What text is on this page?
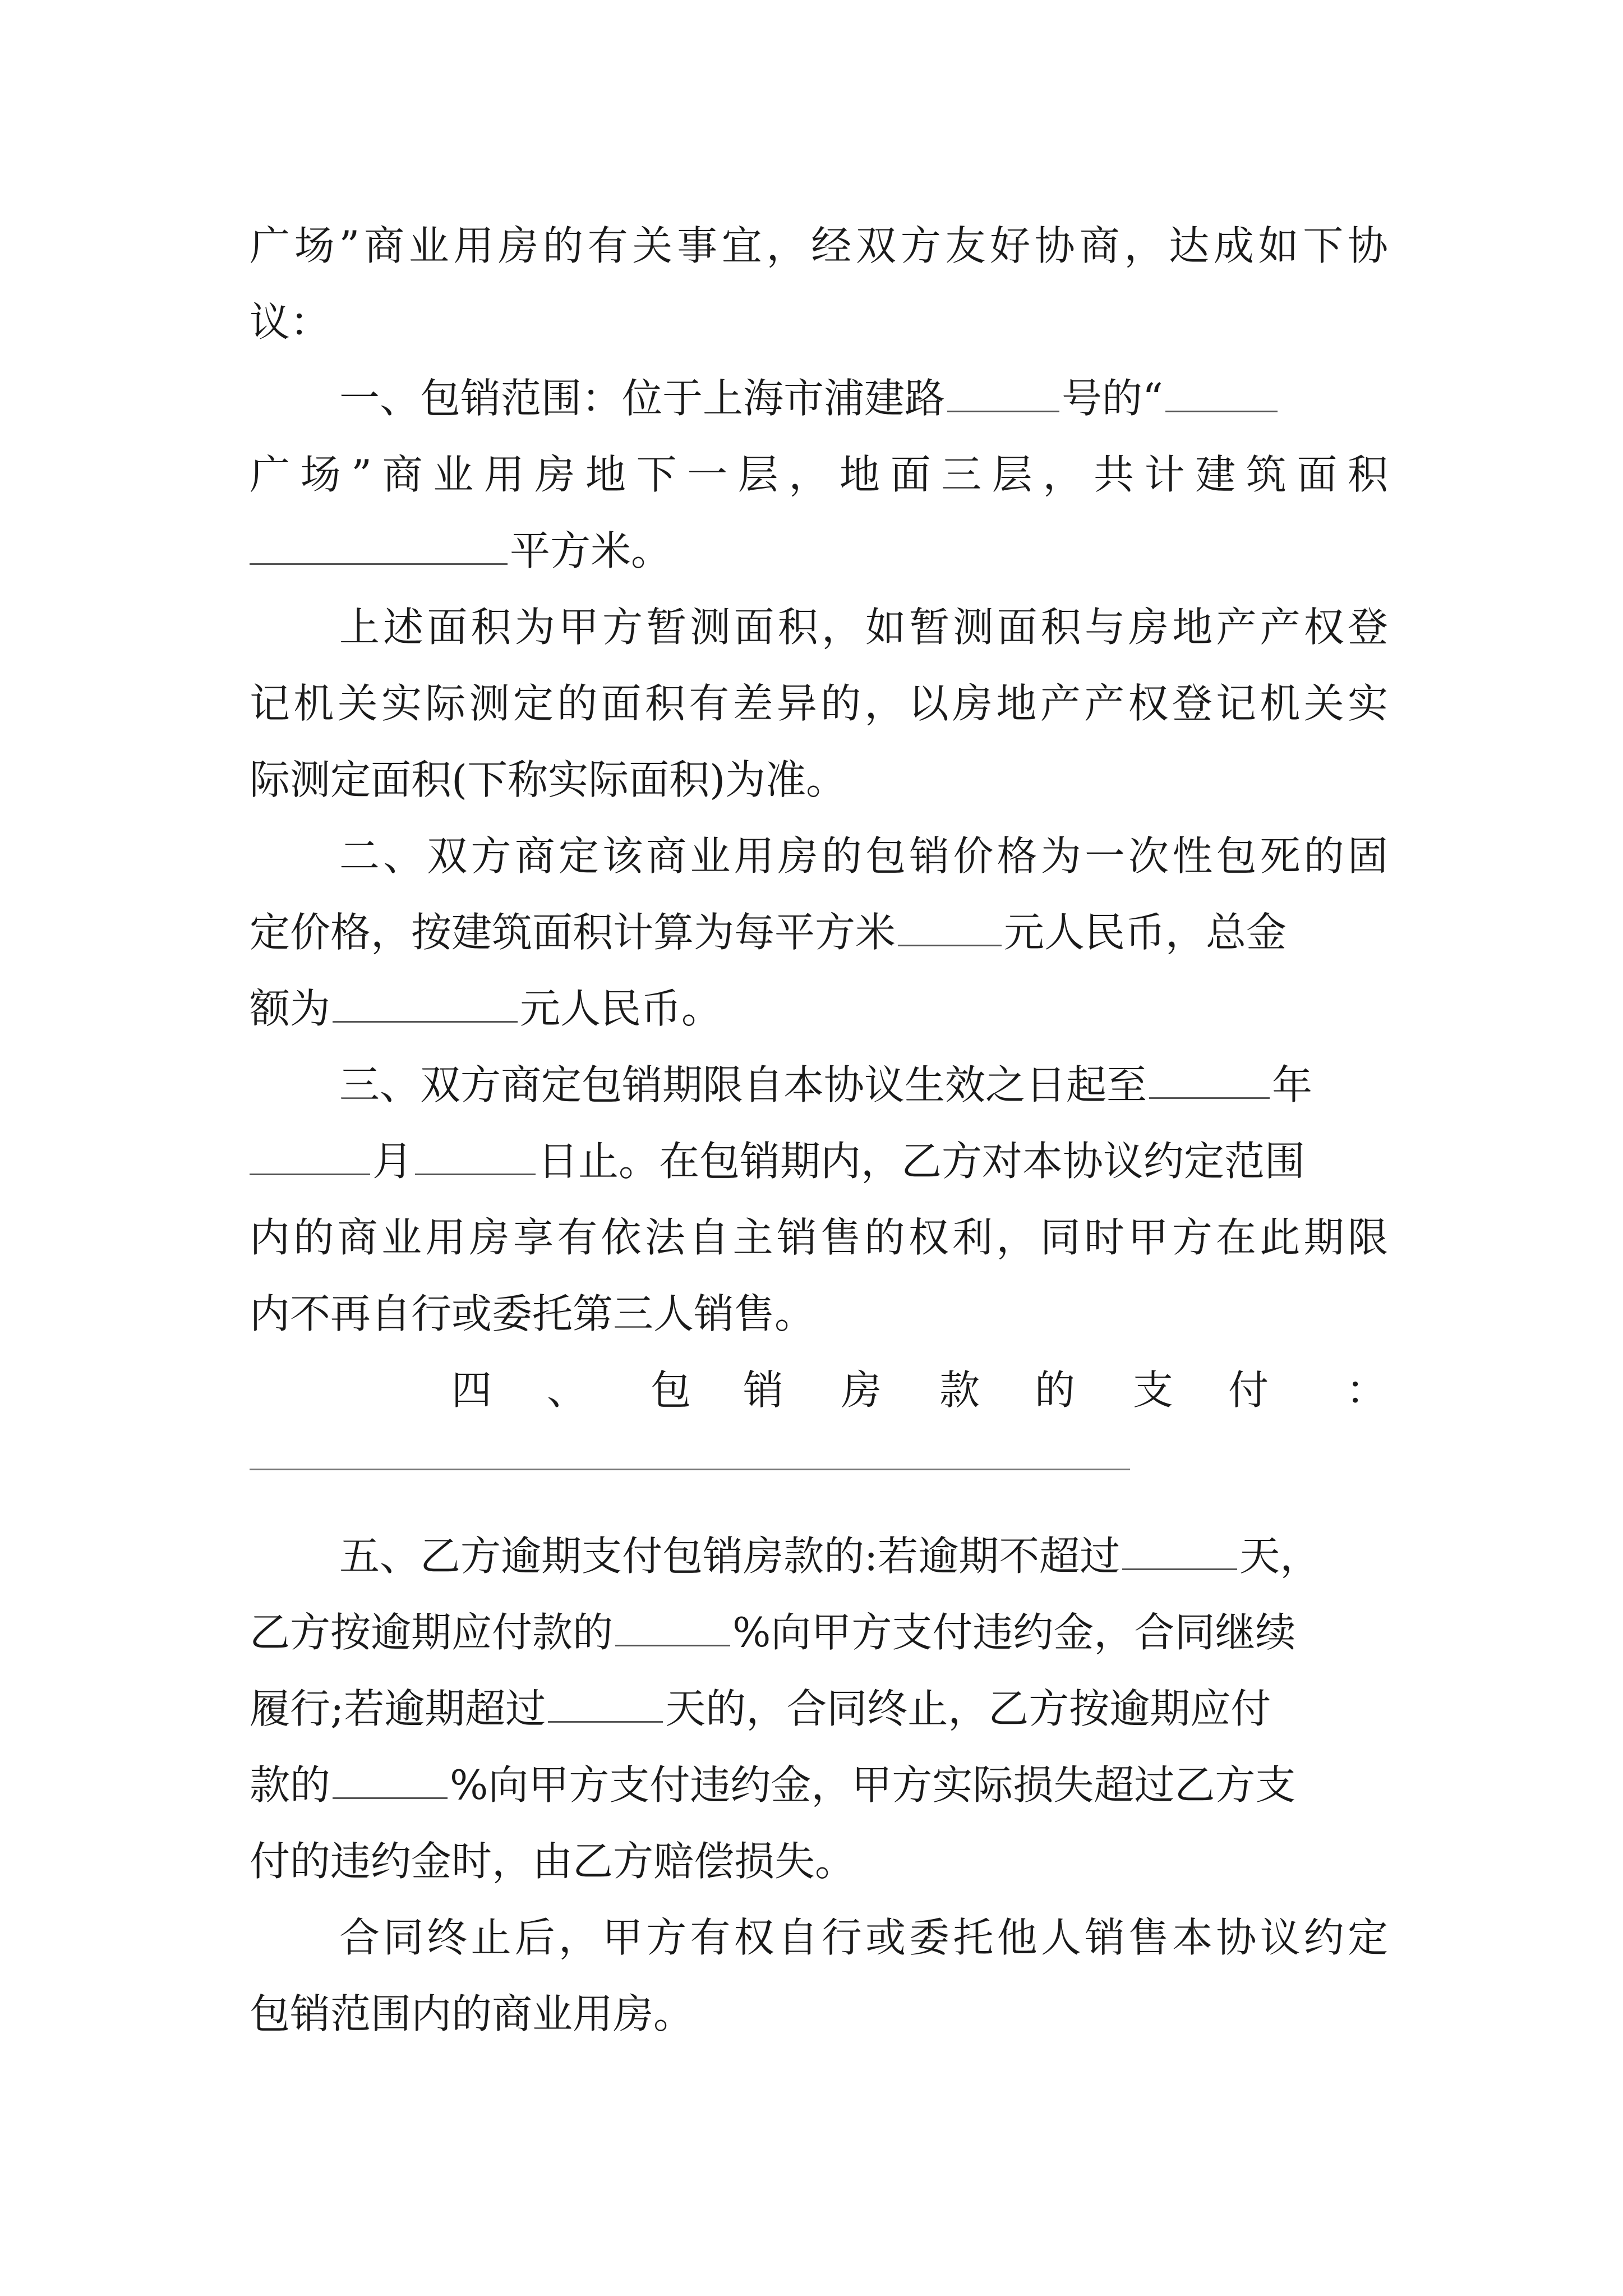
广场”商业用房的有关事宜，经双方友好协商，达成如下协
议：
一、包销范围：位于上海市浦建路	号的“
广场”商业用房地下一层，地面三层，共计建筑面积
平方米。
上述面积为甲方暂测面积，如暂测面积与房地产产权登
记机关实际测定的面积有差异的，以房地产产权登记机关实
际测定面积(下称实际面积)为准。
二、双方商定该商业用房的包销价格为一次性包死的固
定价格，按建筑面积计算为每平方米	元人民币，总金
额为	元人民币。
三、双方商定包销期限自本协议生效之日起至	年
月	日止。在包销期内，乙方对本协议约定范围
内的商业用房享有依法自主销售的权利，同时甲方在此期限
内不再自行或委托第三人销售。
四 、 包 销 房 款 的 支 付 ：
五、乙方逾期支付包销房款的:若逾期不超过	天，
乙方按逾期应付款的	%向甲方支付违约金，合同继续
履行;若逾期超过	天的，合同终止，乙方按逾期应付
款的	%向甲方支付违约金，甲方实际损失超过乙方支
付的违约金时，由乙方赔偿损失。
合同终止后，甲方有权自行或委托他人销售本协议约定
包销范围内的商业用房。
